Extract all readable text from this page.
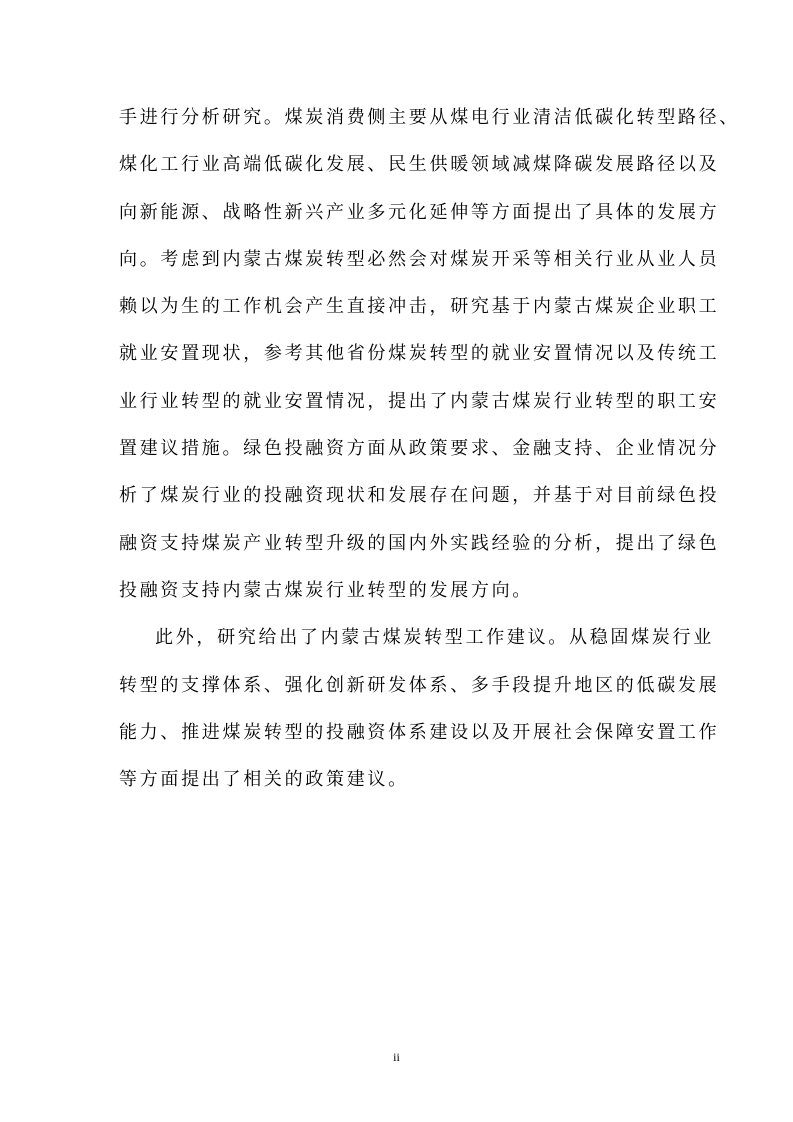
手进行分析研究。煤炭消费侧主要从煤电行业清洁低碳化转型路径、
煤化工行业高端低碳化发展、民生供暖领域减煤降碳发展路径以及
向新能源、战略性新兴产业多元化延伸等方面提出了具体的发展方
向。考虑到内蒙古煤炭转型必然会对煤炭开采等相关行业从业人员
赖以为生的工作机会产生直接冲击，研究基于内蒙古煤炭企业职工
就业安置现状，参考其他省份煤炭转型的就业安置情况以及传统工
业行业转型的就业安置情况，提出了内蒙古煤炭行业转型的职工安
置建议措施。绿色投融资方面从政策要求、金融支持、企业情况分
析了煤炭行业的投融资现状和发展存在问题，并基于对目前绿色投
融资支持煤炭产业转型升级的国内外实践经验的分析，提出了绿色
投融资支持内蒙古煤炭行业转型的发展方向。
此外，研究给出了内蒙古煤炭转型工作建议。从稳固煤炭行业
转型的支撑体系、强化创新研发体系、多手段提升地区的低碳发展
能力、推进煤炭转型的投融资体系建设以及开展社会保障安置工作
等方面提出了相关的政策建议。
ii
